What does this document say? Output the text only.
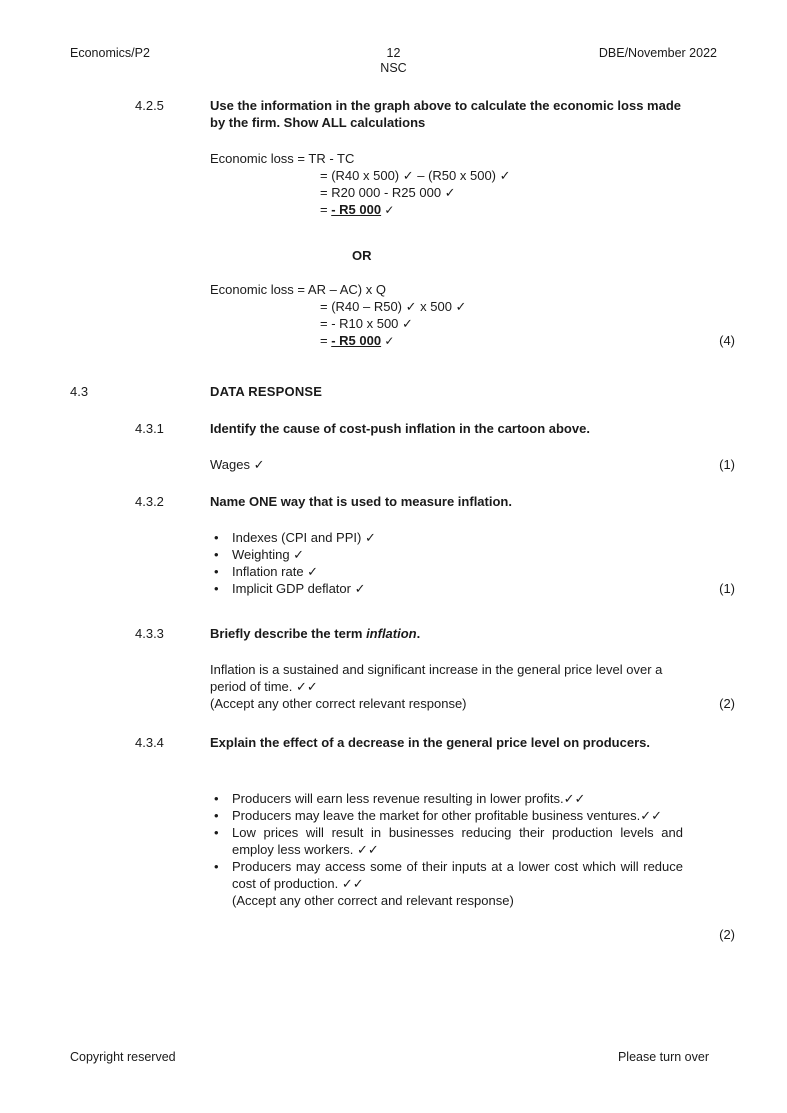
Economics/P2	12
NSC
DBE/November 2022
4.2.5	Use the information in the graph above to calculate the economic loss made by the firm. Show ALL calculations
Economic loss = TR - TC
= (R40 x 500) ✓ – (R50 x 500) ✓
= R20 000 - R25 000 ✓
= - R5 000 ✓
OR
Economic loss = AR – AC) x Q
= (R40 – R50) ✓ x 500 ✓
= - R10 x 500 ✓
= - R5 000 ✓	(4)
4.3	DATA RESPONSE
4.3.1	Identify the cause of cost-push inflation in the cartoon above.
Wages ✓	(1)
4.3.2	Name ONE way that is used to measure inflation.
• Indexes (CPI and PPI) ✓
• Weighting ✓
• Inflation rate ✓
• Implicit GDP deflator ✓	(1)
4.3.3	Briefly describe the term inflation.
Inflation is a sustained and significant increase in the general price level over a period of time. ✓✓
(Accept any other correct relevant response)	(2)
4.3.4	Explain the effect of a decrease in the general price level on producers.
• Producers will earn less revenue resulting in lower profits.✓✓
• Producers may leave the market for other profitable business ventures.✓✓
• Low prices will result in businesses reducing their production levels and employ less workers. ✓✓
• Producers may access some of their inputs at a lower cost which will reduce cost of production. ✓✓
(Accept any other correct and relevant response)
(2)
Copyright reserved	Please turn over
